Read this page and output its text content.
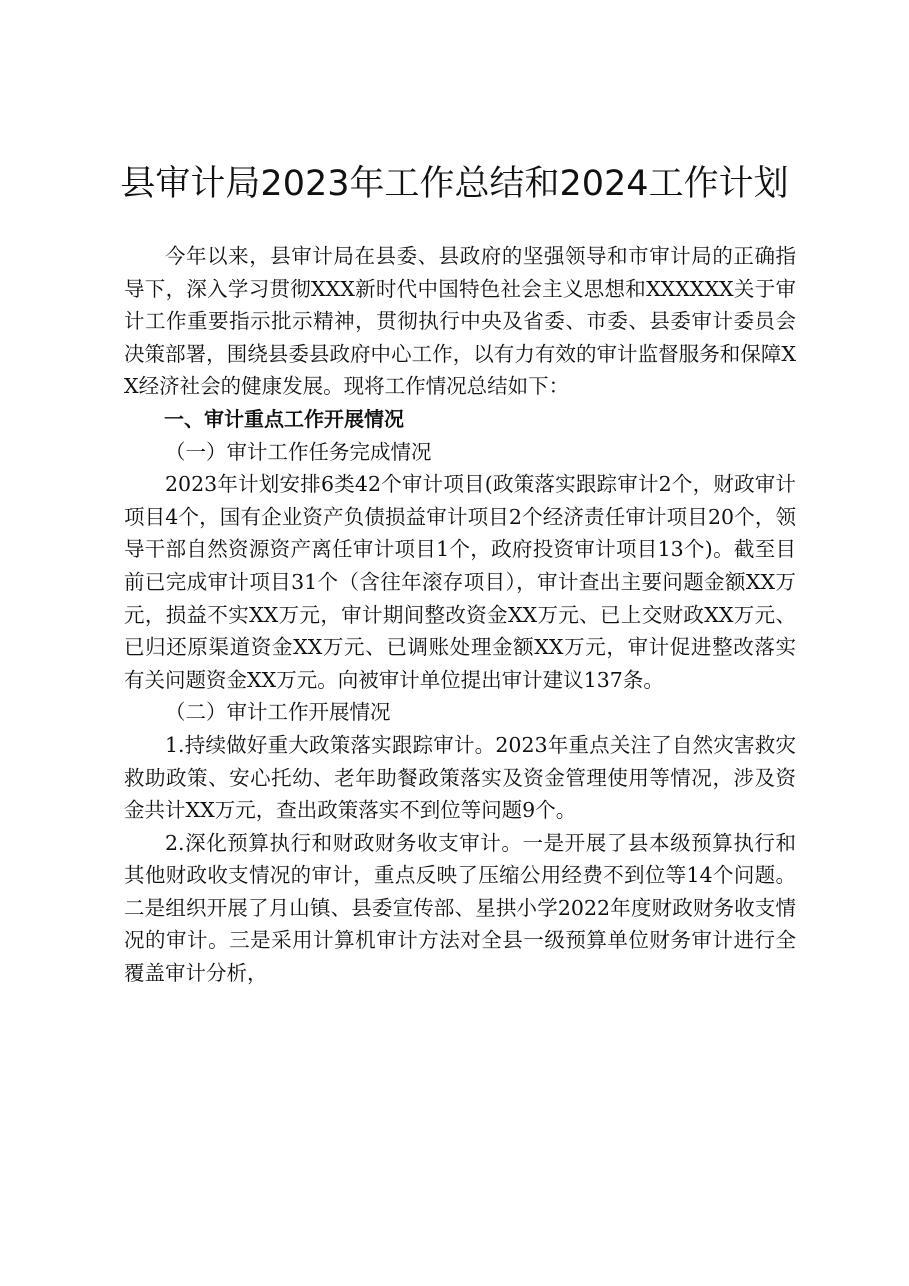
县审计局2023年工作总结和2024工作计划

今年以来，县审计局在县委、县政府的坚强领导和市审计局的正确指导下，深入学习贯彻XXX新时代中国特色社会主义思想和XXXXXX关于审计工作重要指示批示精神，贯彻执行中央及省委、市委、县委审计委员会决策部署，围绕县委县政府中心工作，以有力有效的审计监督服务和保障XX经济社会的健康发展。现将工作情况总结如下：

一、审计重点工作开展情况

（一）审计工作任务完成情况

2023年计划安排6类42个审计项目(政策落实跟踪审计2个，财政审计项目4个，国有企业资产负债损益审计项目2个经济责任审计项目20个，领导干部自然资源资产离任审计项目1个，政府投资审计项目13个)。截至目前已完成审计项目31个（含往年滚存项目），审计查出主要问题金额XX万元，损益不实XX万元，审计期间整改资金XX万元、已上交财政XX万元、已归还原渠道资金XX万元、已调账处理金额XX万元，审计促进整改落实有关问题资金XX万元。向被审计单位提出审计建议137条。

（二）审计工作开展情况

1.持续做好重大政策落实跟踪审计。2023年重点关注了自然灾害救灾救助政策、安心托幼、老年助餐政策落实及资金管理使用等情况，涉及资金共计XX万元，查出政策落实不到位等问题9个。

2.深化预算执行和财政财务收支审计。一是开展了县本级预算执行和其他财政收支情况的审计，重点反映了压缩公用经费不到位等14个问题。二是组织开展了月山镇、县委宣传部、星拱小学2022年度财政财务收支情况的审计。三是采用计算机审计方法对全县一级预算单位财务审计进行全覆盖审计分析，
